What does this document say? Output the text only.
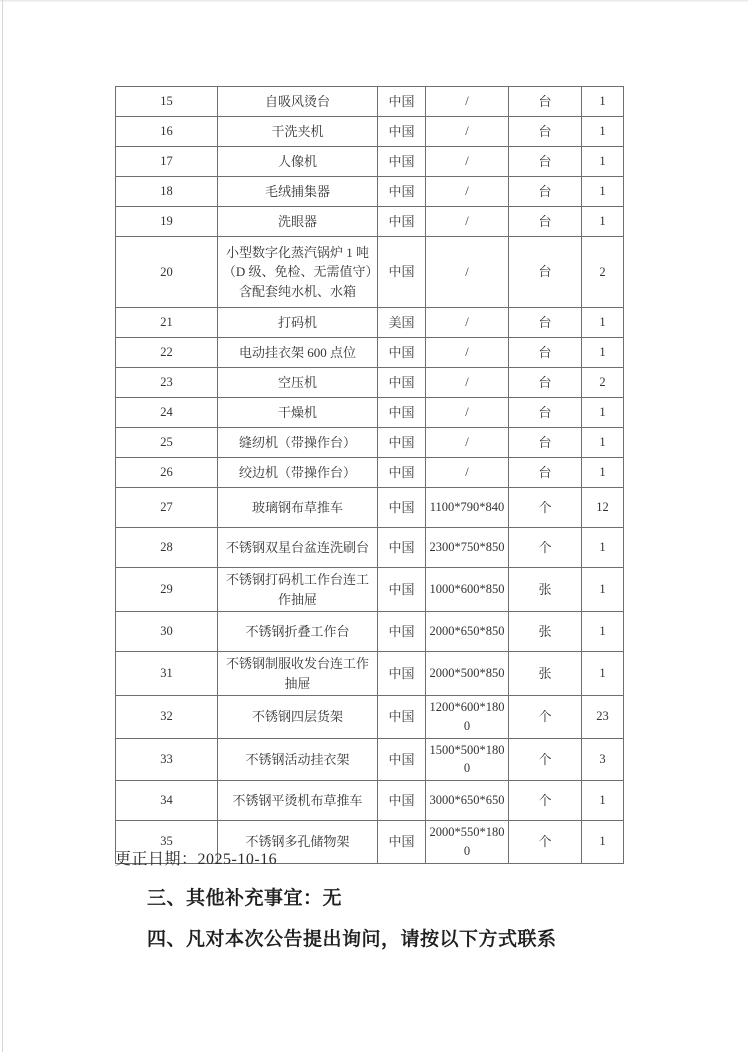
15	自吸风烫台	中国	/	台	1
16	干洗夹机	中国	/	台	1
17	人像机	中国	/	台	1
18	毛绒捕集器	中国	/	台	1
19	洗眼器	中国	/	台	1
20	小型数字化蒸汽锅炉 1 吨（D 级、免检、无需值守）含配套纯水机、水箱	中国	/	台	2
21	打码机	美国	/	台	1
22	电动挂衣架 600 点位	中国	/	台	1
23	空压机	中国	/	台	2
24	干燥机	中国	/	台	1
25	缝纫机（带操作台）	中国	/	台	1
26	绞边机（带操作台）	中国	/	台	1
27	玻璃钢布草推车	中国	1100*790*840	个	12
28	不锈钢双星台盆连洗刷台	中国	2300*750*850	个	1
29	不锈钢打码机工作台连工作抽屉	中国	1000*600*850	张	1
30	不锈钢折叠工作台	中国	2000*650*850	张	1
31	不锈钢制服收发台连工作抽屉	中国	2000*500*850	张	1
32	不锈钢四层货架	中国	1200*600*1800	个	23
33	不锈钢活动挂衣架	中国	1500*500*1800	个	3
34	不锈钢平烫机布草推车	中国	3000*650*650	个	1
35	不锈钢多孔储物架	中国	2000*550*1800	个	1

更正日期：2025-10-16

三、其他补充事宜：无

四、凡对本次公告提出询问，请按以下方式联系
